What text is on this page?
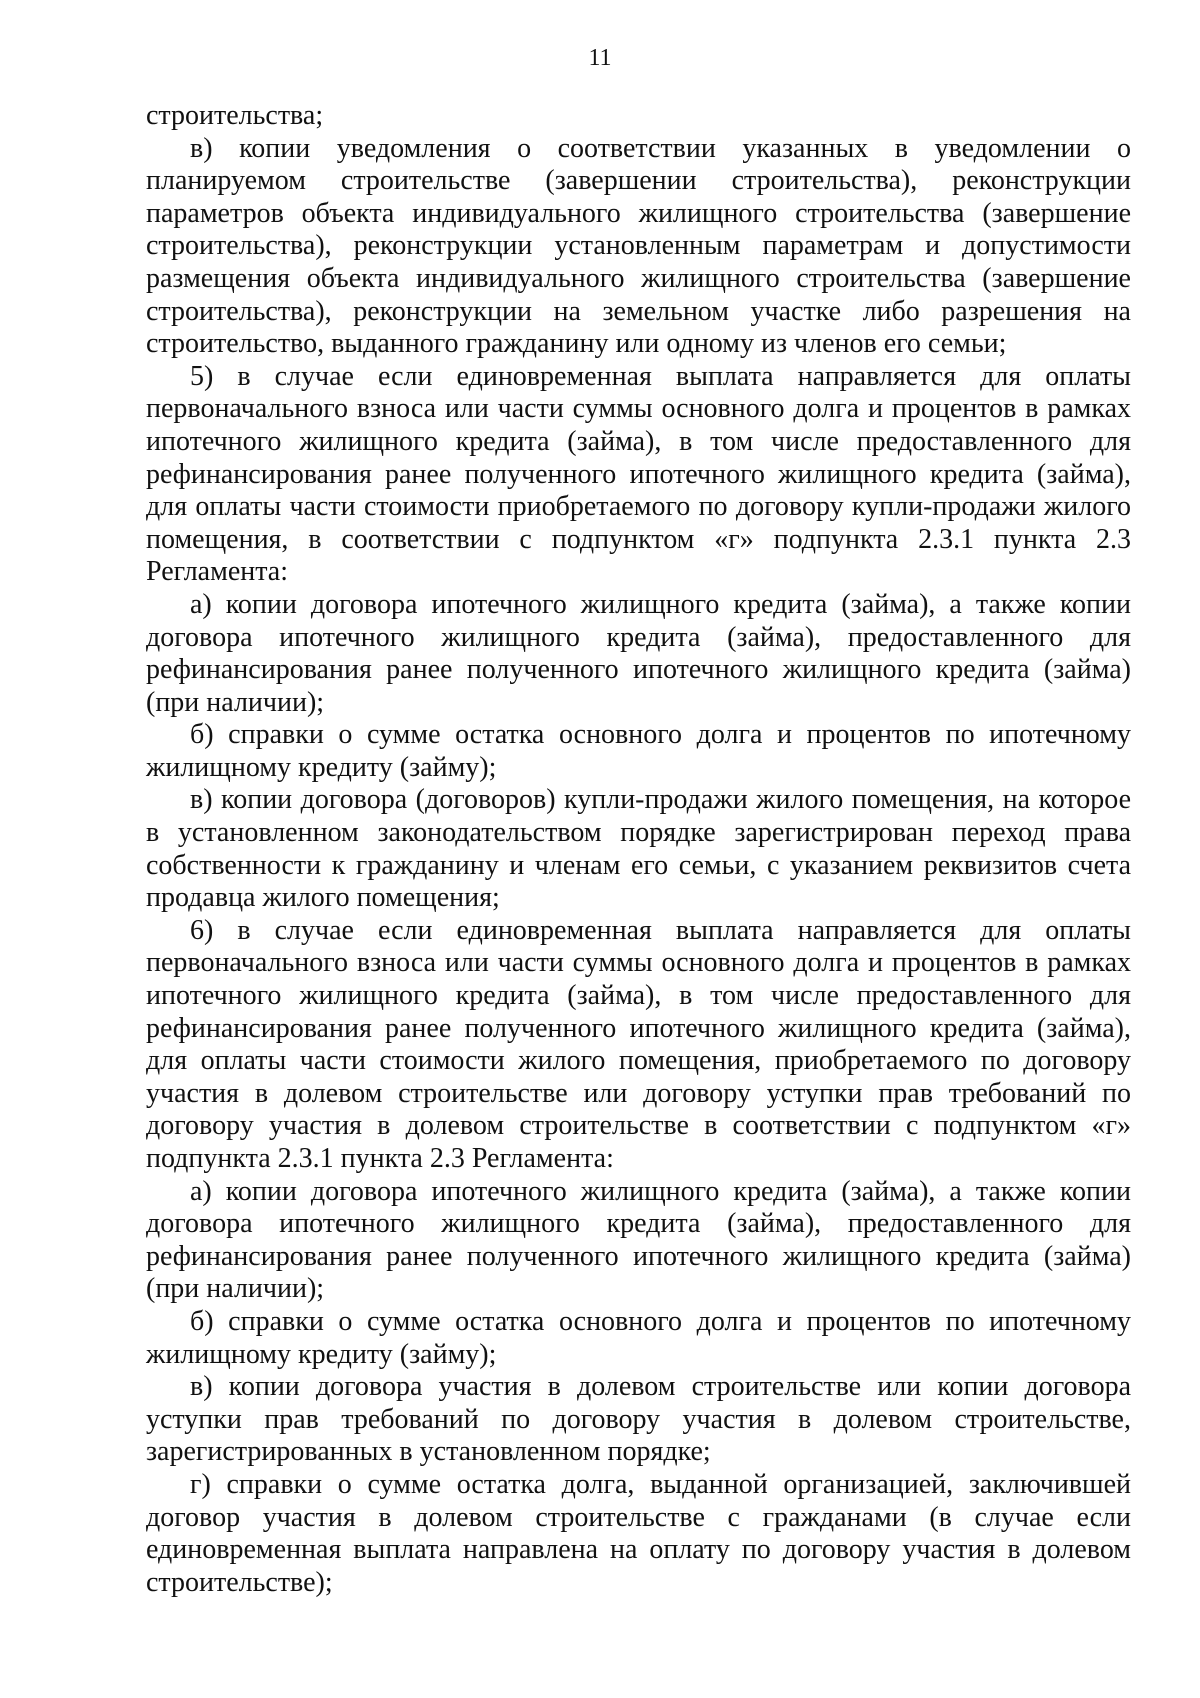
11

строительства;

в) копии уведомления о соответствии указанных в уведомлении о планируемом строительстве (завершении строительства), реконструкции параметров объекта индивидуального жилищного строительства (завершение строительства), реконструкции установленным параметрам и допустимости размещения объекта индивидуального жилищного строительства (завершение строительства), реконструкции на земельном участке либо разрешения на строительство, выданного гражданину или одному из членов его семьи;

5) в случае если единовременная выплата направляется для оплаты первоначального взноса или части суммы основного долга и процентов в рамках ипотечного жилищного кредита (займа), в том числе предоставленного для рефинансирования ранее полученного ипотечного жилищного кредита (займа), для оплаты части стоимости приобретаемого по договору купли-продажи жилого помещения, в соответствии с подпунктом «г» подпункта 2.3.1 пункта 2.3 Регламента:

а) копии договора ипотечного жилищного кредита (займа), а также копии договора ипотечного жилищного кредита (займа), предоставленного для рефинансирования ранее полученного ипотечного жилищного кредита (займа) (при наличии);

б) справки о сумме остатка основного долга и процентов по ипотечному жилищному кредиту (займу);

в) копии договора (договоров) купли-продажи жилого помещения, на которое в установленном законодательством порядке зарегистрирован переход права собственности к гражданину и членам его семьи, с указанием реквизитов счета продавца жилого помещения;

6) в случае если единовременная выплата направляется для оплаты первоначального взноса или части суммы основного долга и процентов в рамках ипотечного жилищного кредита (займа), в том числе предоставленного для рефинансирования ранее полученного ипотечного жилищного кредита (займа), для оплаты части стоимости жилого помещения, приобретаемого по договору участия в долевом строительстве или договору уступки прав требований по договору участия в долевом строительстве в соответствии с подпунктом «г» подпункта 2.3.1 пункта 2.3 Регламента:

а) копии договора ипотечного жилищного кредита (займа), а также копии договора ипотечного жилищного кредита (займа), предоставленного для рефинансирования ранее полученного ипотечного жилищного кредита (займа) (при наличии);

б) справки о сумме остатка основного долга и процентов по ипотечному жилищному кредиту (займу);

в) копии договора участия в долевом строительстве или копии договора уступки прав требований по договору участия в долевом строительстве, зарегистрированных в установленном порядке;

г) справки о сумме остатка долга, выданной организацией, заключившей договор участия в долевом строительстве с гражданами (в случае если единовременная выплата направлена на оплату по договору участия в долевом строительстве);
